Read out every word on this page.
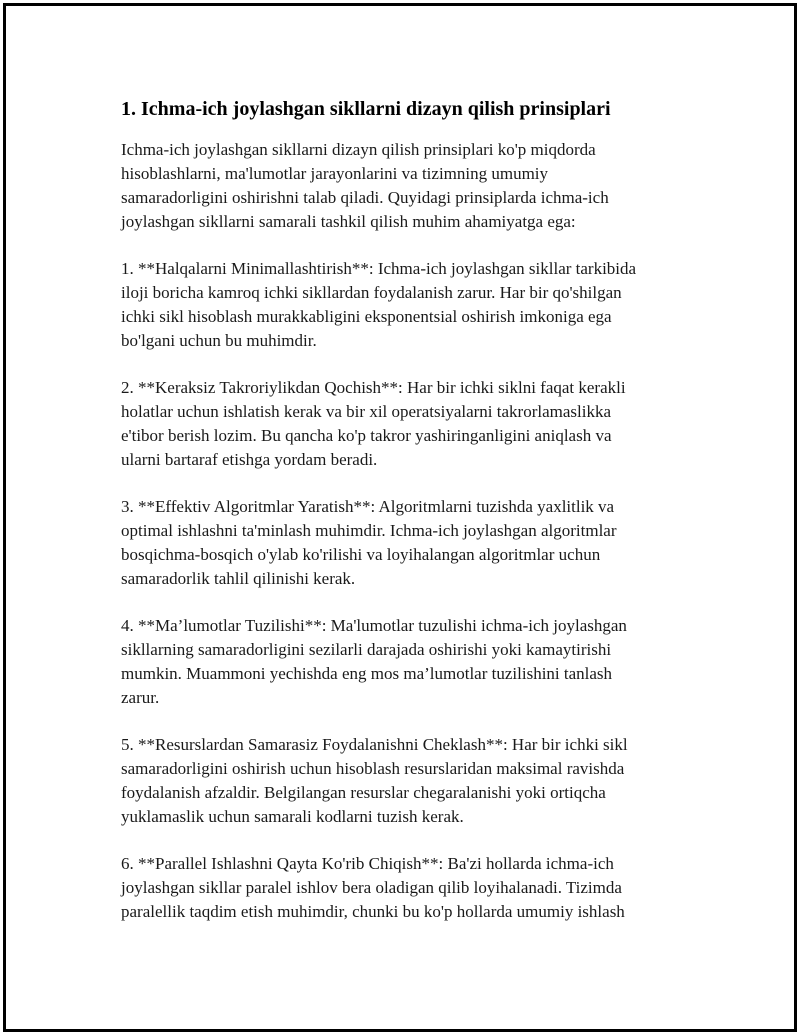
1. Ichma-ich joylashgan sikllarni dizayn qilish prinsiplari

Ichma-ich joylashgan sikllarni dizayn qilish prinsiplari ko'p miqdorda
hisoblashlarni, ma'lumotlar jarayonlarini va tizimning umumiy
samaradorligini oshirishni talab qiladi. Quyidagi prinsiplarda ichma-ich
joylashgan sikllarni samarali tashkil qilish muhim ahamiyatga ega:

1. **Halqalarni Minimallashtirish**: Ichma-ich joylashgan sikllar tarkibida
iloji boricha kamroq ichki sikllardan foydalanish zarur. Har bir qo'shilgan
ichki sikl hisoblash murakkabligini eksponentsial oshirish imkoniga ega
bo'lgani uchun bu muhimdir.

2. **Keraksiz Takroriylikdan Qochish**: Har bir ichki siklni faqat kerakli
holatlar uchun ishlatish kerak va bir xil operatsiyalarni takrorlamaslikka
e'tibor berish lozim. Bu qancha ko'p takror yashiringanligini aniqlash va
ularni bartaraf etishga yordam beradi.

3. **Effektiv Algoritmlar Yaratish**: Algoritmlarni tuzishda yaxlitlik va
optimal ishlashni ta'minlash muhimdir. Ichma-ich joylashgan algoritmlar
bosqichma-bosqich o'ylab ko'rilishi va loyihalangan algoritmlar uchun
samaradorlik tahlil qilinishi kerak.

4. **Ma’lumotlar Tuzilishi**: Ma'lumotlar tuzulishi ichma-ich joylashgan
sikllarning samaradorligini sezilarli darajada oshirishi yoki kamaytirishi
mumkin. Muammoni yechishda eng mos ma’lumotlar tuzilishini tanlash
zarur.

5. **Resurslardan Samarasiz Foydalanishni Cheklash**: Har bir ichki sikl
samaradorligini oshirish uchun hisoblash resurslaridan maksimal ravishda
foydalanish afzaldir. Belgilangan resurslar chegaralanishi yoki ortiqcha
yuklamaslik uchun samarali kodlarni tuzish kerak.

6. **Parallel Ishlashni Qayta Ko'rib Chiqish**: Ba'zi hollarda ichma-ich
joylashgan sikllar paralel ishlov bera oladigan qilib loyihalanadi. Tizimda
paralellik taqdim etish muhimdir, chunki bu ko'p hollarda umumiy ishlash
